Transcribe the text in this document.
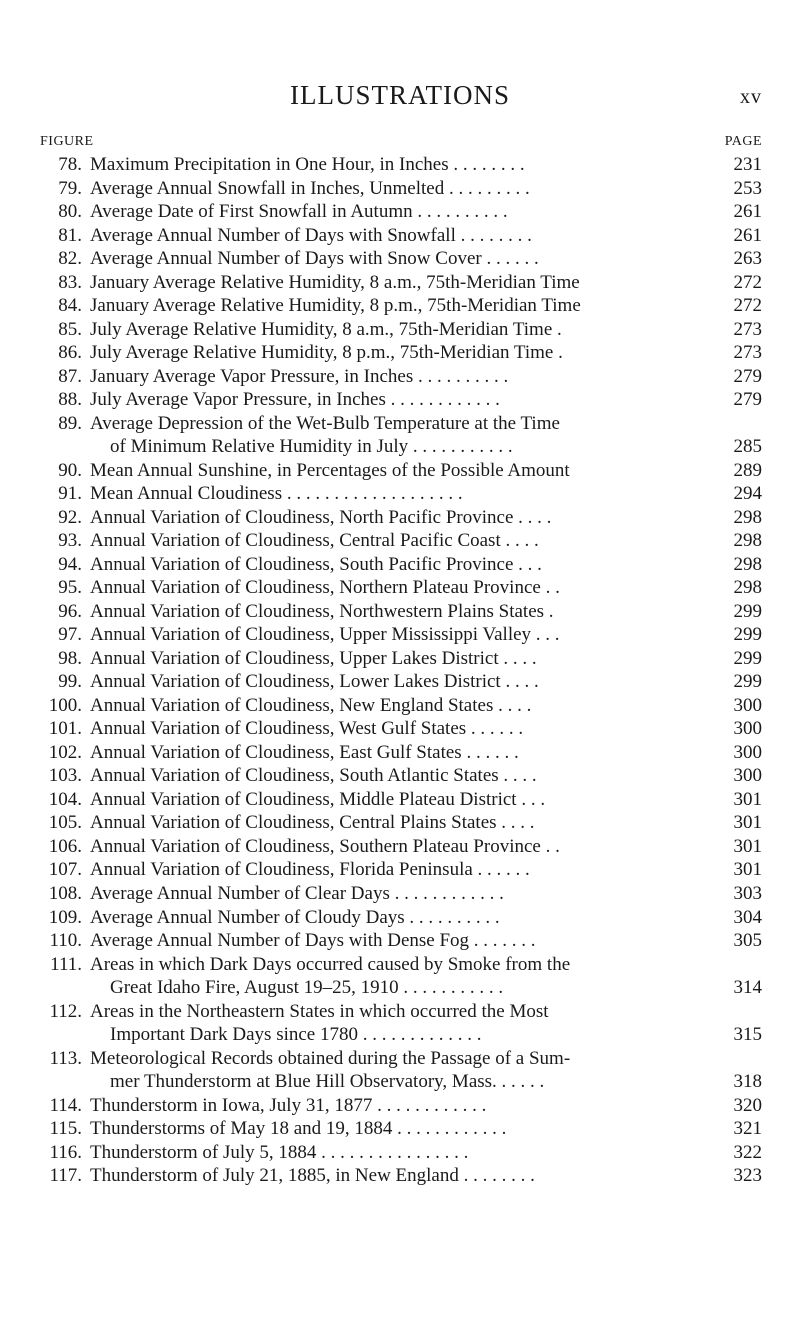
ILLUSTRATIONS	xv
FIGURE	PAGE
78. Maximum Precipitation in One Hour, in Inches . . . . . . . .	231
79. Average Annual Snowfall in Inches, Unmelted . . . . . . . . .	253
80. Average Date of First Snowfall in Autumn . . . . . . . . . .	261
81. Average Annual Number of Days with Snowfall . . . . . . . .	261
82. Average Annual Number of Days with Snow Cover . . . . . .	263
83. January Average Relative Humidity, 8 a.m., 75th-Meridian Time	272
84. January Average Relative Humidity, 8 p.m., 75th-Meridian Time	272
85. July Average Relative Humidity, 8 a.m., 75th-Meridian Time .	273
86. July Average Relative Humidity, 8 p.m., 75th-Meridian Time .	273
87. January Average Vapor Pressure, in Inches . . . . . . . . . .	279
88. July Average Vapor Pressure, in Inches . . . . . . . . . . . .	279
89. Average Depression of the Wet-Bulb Temperature at the Time
of Minimum Relative Humidity in July . . . . . . . . . . .	285
90. Mean Annual Sunshine, in Percentages of the Possible Amount	289
91. Mean Annual Cloudiness . . . . . . . . . . . . . . . . . . .	294
92. Annual Variation of Cloudiness, North Pacific Province . . . .	298
93. Annual Variation of Cloudiness, Central Pacific Coast . . . .	298
94. Annual Variation of Cloudiness, South Pacific Province . . .	298
95. Annual Variation of Cloudiness, Northern Plateau Province . .	298
96. Annual Variation of Cloudiness, Northwestern Plains States .	299
97. Annual Variation of Cloudiness, Upper Mississippi Valley . . .	299
98. Annual Variation of Cloudiness, Upper Lakes District . . . .	299
99. Annual Variation of Cloudiness, Lower Lakes District . . . .	299
100. Annual Variation of Cloudiness, New England States . . . .	300
101. Annual Variation of Cloudiness, West Gulf States . . . . . .	300
102. Annual Variation of Cloudiness, East Gulf States . . . . . .	300
103. Annual Variation of Cloudiness, South Atlantic States . . . .	300
104. Annual Variation of Cloudiness, Middle Plateau District . . .	301
105. Annual Variation of Cloudiness, Central Plains States . . . .	301
106. Annual Variation of Cloudiness, Southern Plateau Province . .	301
107. Annual Variation of Cloudiness, Florida Peninsula . . . . . .	301
108. Average Annual Number of Clear Days . . . . . . . . . . . .	303
109. Average Annual Number of Cloudy Days . . . . . . . . . .	304
110. Average Annual Number of Days with Dense Fog . . . . . . .	305
111. Areas in which Dark Days occurred caused by Smoke from the
Great Idaho Fire, August 19–25, 1910 . . . . . . . . . . .	314
112. Areas in the Northeastern States in which occurred the Most
Important Dark Days since 1780 . . . . . . . . . . . . .	315
113. Meteorological Records obtained during the Passage of a Sum-
mer Thunderstorm at Blue Hill Observatory, Mass. . . . . .	318
114. Thunderstorm in Iowa, July 31, 1877 . . . . . . . . . . . .	320
115. Thunderstorms of May 18 and 19, 1884 . . . . . . . . . . . .	321
116. Thunderstorm of July 5, 1884 . . . . . . . . . . . . . . . .	322
117. Thunderstorm of July 21, 1885, in New England . . . . . . . .	323
